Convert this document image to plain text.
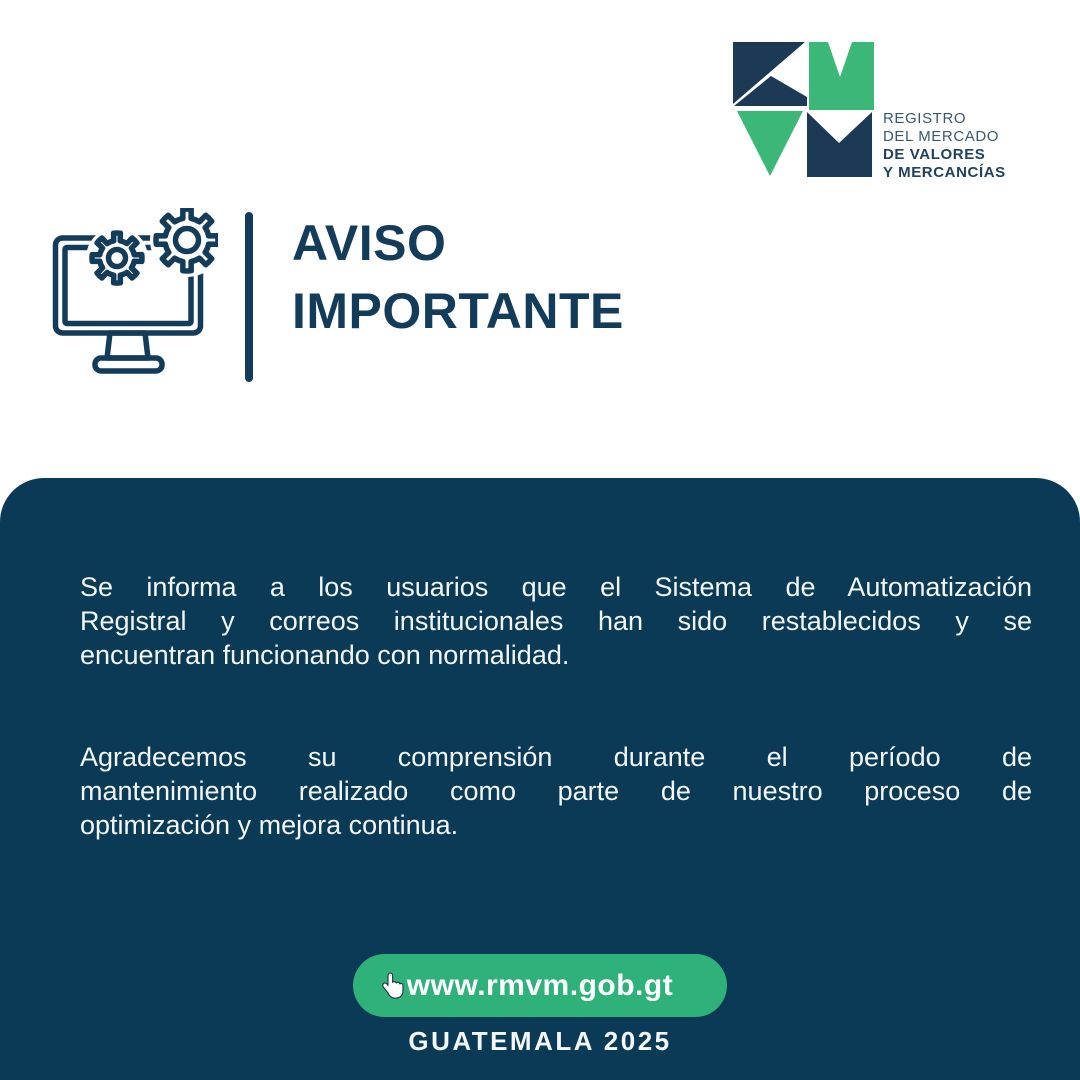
REGISTRO
DEL MERCADO
DE VALORES
Y MERCANCÍAS
AVISO
IMPORTANTE
Se informa a los usuarios que el Sistema de Automatización
Registral y correos institucionales han sido restablecidos y se
encuentran funcionando con normalidad.
Agradecemos su comprensión durante el período de
mantenimiento realizado como parte de nuestro proceso de
optimización y mejora continua.
www.rmvm.gob.gt
GUATEMALA 2025
